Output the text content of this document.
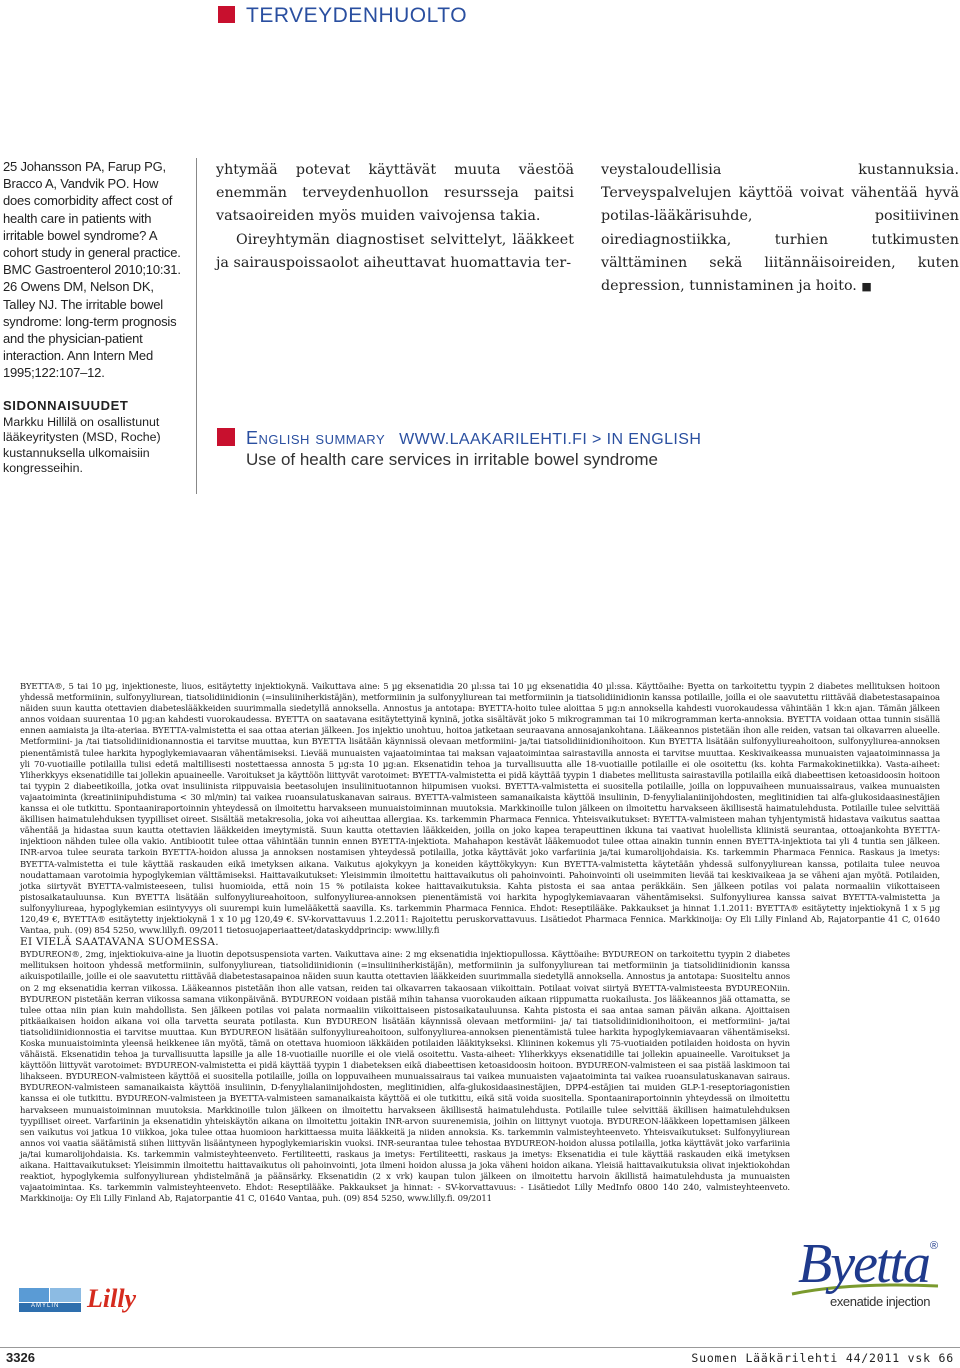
TERVEYDENHUOLTO

25 Johansson PA, Farup PG, Bracco A, Vandvik PO. How does comorbidity affect cost of health care in patients with irritable bowel syndrome? A cohort study in general practice. BMC Gastroenterol 2010;10:31.

26 Owens DM, Nelson DK, Talley NJ. The irritable bowel syndrome: long-term prognosis and the physician-patient interaction. Ann Intern Med 1995;122:107–12.

yhtymää potevat käyttävät muuta väestöä enemmän terveydenhuollon resursseja paitsi vatsaoireiden myös muiden vaivojensa takia.

Oireyhtymän diagnostiset selvittelyt, lääkkeet ja sairauspoissaolot aiheuttavat huomattavia ter-

veystaloudellisia kustannuksia. Terveyspalvelujen käyttöä voivat vähentää hyvä potilas-lääkärisuhde, positiivinen oirediagnostiikka, turhien tutkimusten välttäminen sekä liitännäisoireiden, kuten depression, tunnistaminen ja hoito. ■

SIDONNAISUUDET
Markku Hillilä on osallistunut lääkeyritysten (MSD, Roche) kustannuksella ulkomaisiin kongresseihin.
English summary WWW.LAAKARILEHTI.FI > IN ENGLISH
Use of health care services in irritable bowel syndrome

BYETTA®, 5 tai 10 µg, injektioneste, liuos, esitäytetty injektiokynä. Vaikuttava aine: 5 µg eksenatidia 20 µl:ssa tai 10 µg eksenatidia 40 µl:ssa. Käyttöaihe: Byetta on tarkoitettu tyypin 2 diabetes mellituksen hoitoon yhdessä metformiinin, sulfonyyliurean, tiatsolidiinidionin (=insuliiniherkistäjän), metformiinin ja sulfonyyliurean tai metformiinin ja tiatsolidiinidionin kanssa potilaille, joilla ei ole saavutettu riittävää diabetestasapainoa näiden suun kautta otettavien diabeteslääkkeiden suurimmalla siedetyllä annoksella. Annostus ja antotapa: BYETTA-hoito tulee aloittaa 5 µg:n annoksella kahdesti vuorokaudessa vähintään 1 kk:n ajan. Tämän jälkeen annos voidaan suurentaa 10 µg:an kahdesti vuorokaudessa. BYETTA on saatavana esitäytettyinä kyninä, jotka sisältävät joko 5 mikrogramman tai 10 mikrogramman kerta-annoksia. BYETTA voidaan ottaa tunnin sisällä ennen aamiaista ja ilta-ateriaa. BYETTA-valmistetta ei saa ottaa aterian jälkeen. Jos injektio unohtuu, hoitoa jatketaan seuraavana annosajankohtana. Lääkeannos pistetään ihon alle reiden, vatsan tai olkavarren alueelle. Metformiini- ja /tai tiatsolidiinidionannostia ei tarvitse muuttaa, kun BYETTA lisätään käynnissä olevaan metformiini- ja/tai tiatsolidiinidionihoitoon. Kun BYETTA lisätään sulfonyyliureahoitoon, sulfonyyliurea-annoksen pienentämistä tulee harkita hypoglykemiavaaran vähentämiseksi. Lievää munuaisten vajaatoimintaa tai maksan vajaatoimintaa sairastavilla annosta ei tarvitse muuttaa. Keskivaikeassa munuaisten vajaatoiminnassa ja yli 70-vuotiaille potilailla tulisi edetä maltillisesti nostettaessa annosta 5 µg:sta 10 µg:an. Eksenatidin tehoa ja turvallisuutta alle 18-vuotiaille potilaille ei ole osoitettu (ks. kohta Farmakokinetiikka). Vasta-aiheet: Yliherkkyys eksenatidille tai jollekin apuaineelle. Varoitukset ja käyttöön liittyvät varotoimet: BYETTA-valmistetta ei pidä käyttää tyypin 1 diabetes mellitusta sairastavilla potilailla eikä diabeettisen ketoasidoosin hoitoon tai tyypin 2 diabeetikoilla, jotka ovat insuliinista riippuvaisia beetasolujen insuliinituotannon hiipumisen vuoksi. BYETTA-valmistetta ei suositella potilaille, joilla on loppuvaiheen munuaissairaus, vaikea munuaisten vajaatoiminta (kreatiniinipuhdistuma < 30 ml/min) tai vaikea ruoansulatuskanavan sairaus. BYETTA-valmisteen samanaikaista käyttöä insuliinin, D-fenyylialaniinijohdosten, meglitinidien tai alfa-glukosidaasinestäjien kanssa ei ole tutkittu. Spontaaniraportoinnin yhteydessä on ilmoitettu harvakseen munuaistoiminnan muutoksia. Markkinoille tulon jälkeen on ilmoitettu harvakseen äkillisestä haimatulehdusta. Potilaille tulee selvittää äkillisen haimatulehduksen tyypilliset oireet. Sisältää metakresolia, joka voi aiheuttaa allergiaa. Ks. tarkemmin Pharmaca Fennica. Yhteisvaikutukset: BYETTA-valmisteen mahan tyhjentymistä hidastava vaikutus saattaa vähentää ja hidastaa suun kautta otettavien lääkkeiden imeytymistä. Suun kautta otettavien lääkkeiden, joilla on joko kapea terapeuttinen ikkuna tai vaativat huolellista kliinistä seurantaa, ottoajankohta BYETTA-injektioon nähden tulee olla vakio. Antibiootit tulee ottaa vähintään tunnin ennen BYETTA-injektiota. Mahahapon kestävät lääkemuodot tulee ottaa ainakin tunnin ennen BYETTA-injektiota tai yli 4 tuntia sen jälkeen. INR-arvoa tulee seurata tarkoin BYETTA-hoidon alussa ja annoksen nostamisen yhteydessä potilailla, jotka käyttävät joko varfariinia ja/tai kumarolijohdaisia. Ks. tarkemmin Pharmaca Fennica. Raskaus ja imetys: BYETTA-valmistetta ei tule käyttää raskauden eikä imetyksen aikana. Vaikutus ajokykyyn ja koneiden käyttökykyyn: Kun BYETTA-valmistetta käytetään yhdessä sulfonyyliurean kanssa, potilaita tulee neuvoa noudattamaan varotoimia hypoglykemian välttämiseksi. Haittavaikutukset: Yleisimmin ilmoitettu haittavaikutus oli pahoinvointi. Pahoinvointi oli useimmiten lievää tai keskivaikeaa ja se väheni ajan myötä. Potilaiden, jotka siirtyvät BYETTA-valmisteeseen, tulisi huomioida, että noin 15 % potilaista kokee haittavaikutuksia. Kahta pistosta ei saa antaa peräkkäin. Sen jälkeen potilas voi palata normaaliin viikottaiseen pistosaikatauluunsa. Kun BYETTA lisätään sulfonyyliureahoitoon, sulfonyyliurea-annoksen pienentämistä voi harkita hypoglykemiavaaran vähentämiseksi. Sulfonyyliurea kanssa saivat BYETTA-valmistetta ja sulfonyyliureaa, hypoglykemian esiintyvyys oli suurempi kuin lumelääkettä saavilla. Ks. tarkemmin Pharmaca Fennica. Ehdot: Reseptilääke. Pakkaukset ja hinnat 1.1.2011: BYETTA® esitäytetty injektiokynä 1 x 5 µg 120,49 €, BYETTA® esitäytetty injektiokynä 1 x 10 µg 120,49 €. SV-korvattavuus 1.2.2011: Rajoitettu peruskorvattavuus. Lisätiedot Pharmaca Fennica. Markkinoija: Oy Eli Lilly Finland Ab, Rajatorpantie 41 C, 01640 Vantaa, puh. (09) 854 5250, www.lilly.fi. 09/2011 tietosuojaperiaatteet/dataskyddprincip: www.lilly.fi

EI VIELÄ SAATAVANA SUOMESSA.

BYDUREON®, 2mg, injektiokuiva-aine ja liuotin depotsuspensiota varten. Vaikuttava aine: 2 mg eksenatidia injektiopullossa. Käyttöaihe: BYDUREON on tarkoitettu tyypin 2 diabetes mellituksen hoitoon yhdessä metformiinin, sulfonyyliurean, tiatsolidiinidionin (=insuliiniherkistäjän), metformiinin ja sulfonyyliurean tai metformiinin ja tiatsolidiinidionin kanssa aikuispotilaille, joille ei ole saavutettu riittävää diabetestasapainoa näiden suun kautta otettavien lääkkeiden suurimmalla siedetyllä annoksella. Annostus ja antotapa: Suositeltu annos on 2 mg eksenatidia kerran viikossa. Lääkeannos pistetään ihon alle vatsan, reiden tai olkavarren takaosaan viikoittain. Potilaat voivat siirtyä BYETTA-valmisteesta BYDUREONiin. BYDUREON pistetään kerran viikossa samana viikonpäivänä. BYDUREON voidaan pistää mihin tahansa vuorokauden aikaan riippumatta ruokailusta. Jos lääkeannos jää ottamatta, se tulee ottaa niin pian kuin mahdollista. Sen jälkeen potilas voi palata normaaliin viikoittaiseen pistosaikatauluunsa. Kahta pistosta ei saa antaa saman päivän aikana. Ajoittaisen pitkäaikaisen hoidon aikana voi olla tarvetta seurata potilasta. Kun BYDUREON lisätään käynnissä olevaan metformiini- ja/ tai tiatsolidiinidionihoitoon, ei metformiini- ja/tai tiatsolidiinidionnostia ei tarvitse muuttaa. Kun BYDUREON lisätään sulfonyyliureahoitoon, sulfonyyliurea-annoksen pienentämistä tulee harkita hypoglykemiavaaran vähentämiseksi. Koska munuaistoiminta yleensä heikkenee iän myötä, tämä on otettava huomioon iäkkäiden potilaiden lääkitykseksi. Kliininen kokemus yli 75-vuotiaiden potilaiden hoidosta on hyvin vähäistä. Eksenatidin tehoa ja turvallisuutta lapsille ja alle 18-vuotiaille nuorille ei ole vielä osoitettu. Vasta-aiheet: Yliherkkyys eksenatidille tai jollekin apuaineelle. Varoitukset ja käyttöön liittyvät varotoimet: BYDUREON-valmistetta ei pidä käyttää tyypin 1 diabeteksen eikä diabeettisen ketoasidoosin hoitoon. BYDUREON-valmisteen ei saa pistää laskimoon tai lihakseen. BYDUREON-valmisteen käyttöä ei suositella potilaille, joilla on loppuvaiheen munuaissairaus tai vaikea munuaisten vajaatoiminta tai vaikea ruoansulatuskanavan sairaus. BYDUREON-valmisteen samanaikaista käyttöä insuliinin, D-fenyylialaniinijohdosten, meglitinidien, alfa-glukosidaasinestäjien, DPP4-estäjien tai muiden GLP-1-reseptoriagonistien kanssa ei ole tutkittu. BYDUREON-valmisteen ja BYETTA-valmisteen samanaikaista käyttöä ei ole tutkittu, eikä sitä voida suositella. Spontaaniraportoinnin yhteydessä on ilmoitettu harvakseen munuaistoiminnan muutoksia. Markkinoille tulon jälkeen on ilmoitettu harvakseen äkillisestä haimatulehdusta. Potilaille tulee selvittää äkillisen haimatulehduksen tyypilliset oireet. Varfariinin ja eksenatidin yhteiskäytön aikana on ilmoitettu joitakin INR-arvon suurenemisia, joihin on liittynyt vuotoja. BYDUREON-lääkkeen lopettamisen jälkeen sen vaikutus voi jatkua 10 viikkoa, joka tulee ottaa huomioon harkittaessa muita lääkkeitä ja niiden annoksia. Ks. tarkemmin valmisteyhteenveto. Yhteisvaikutukset: Sulfonyyliurean annos voi vaatia säätämistä siihen liittyvän lisääntyneen hypoglykemiariskin vuoksi. INR-seurantaa tulee tehostaa BYDUREON-hoidon alussa potilailla, jotka käyttävät joko varfariinia ja/tai kumarolijohdaisia. Ks. tarkemmin valmisteyhteenveto. Fertiliteetti, raskaus ja imetys: Fertiliteetti, raskaus ja imetys: Eksenatidia ei tule käyttää raskauden eikä imetyksen aikana. Haittavaikutukset: Yleisimmin ilmoitettu haittavaikutus oli pahoinvointi, jota ilmeni hoidon alussa ja joka väheni hoidon aikana. Yleisiä haittavaikutuksia olivat injektiokohdan reaktiot, hypoglykemia sulfonyyliurean yhdistelmänä ja päänsärky. Eksenatidin (2 x vrk) kaupan tulon jälkeen on ilmoitettu harvoin äkillistä haimatulehdusta ja munuaisten vajaatoimintaa. Ks. tarkemmin valmisteyhteenveto. Ehdot: Reseptilääke. Pakkaukset ja hinnat: - SV-korvattavuus: - Lisätiedot Lilly MedInfo 0800 140 240, valmisteyhteenveto. Markkinoija: Oy Eli Lilly Finland Ab, Rajatorpantie 41 C, 01640 Vantaa, puh. (09) 854 5250, www.lilly.fi. 09/2011

Byetta ®
exenatide injection
AMYLIN Lilly
3326	Suomen Lääkärilehti 44/2011 vsk 66
